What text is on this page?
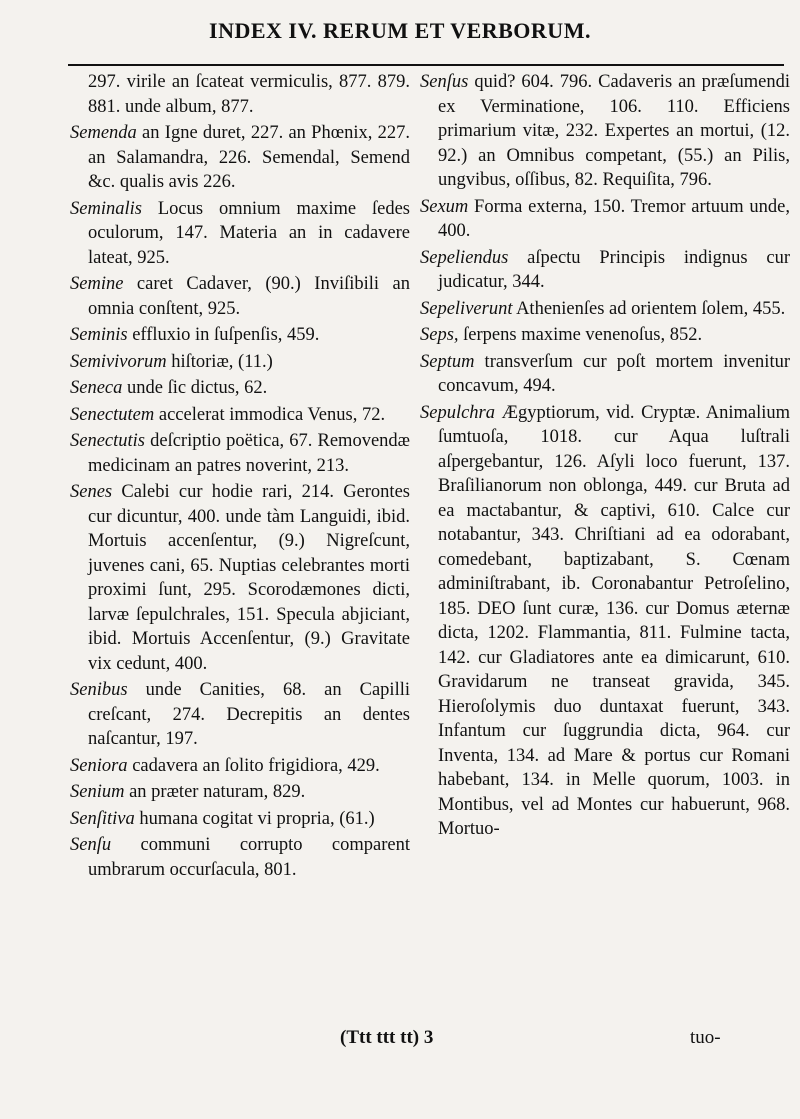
INDEX IV. RERUM ET VERBORUM.

297. virile an ſcateat vermiculis, 877. 879. 881. unde album, 877.

Semenda an Igne duret, 227. an Phœnix, 227. an Salamandra, 226. Semendal, Semend &c. qualis avis 226.

Seminalis Locus omnium maxime ſedes oculorum, 147. Materia an in cadavere lateat, 925.

Semine caret Cadaver, (90.) Inviſibili an omnia conſtent, 925.

Seminis effluxio in ſuſpenſis, 459.

Semivivorum hiſtoriæ, (11.)

Seneca unde ſic dictus, 62.

Senectutem accelerat immodica Venus, 72.

Senectutis deſcriptio poëtica, 67. Removendæ medicinam an patres noverint, 213.

Senes Calebi cur hodie rari, 214. Gerontes cur dicuntur, 400. unde tàm Languidi, ibid. Mortuis accenſentur, (9.) Nigreſcunt, juvenes cani, 65. Nuptias celebrantes morti proximi ſunt, 295. Scorodæmones dicti, larvæ ſepulchrales, 151. Specula abjiciant, ibid. Mortuis Accenſentur, (9.) Gravitate vix cedunt, 400.

Senibus unde Canities, 68. an Capilli creſcant, 274. Decrepitis an dentes naſcantur, 197.

Seniora cadavera an ſolito frigidiora, 429.

Senium an præter naturam, 829.

Senſitiva humana cogitat vi propria, (61.)

Senſu communi corrupto comparent umbrarum occurſacula, 801.

Senſus quid? 604. 796. Cadaveris an præſumendi ex Verminatione, 106. 110. Efficiens primarium vitæ, 232. Expertes an mortui, (12. 92.) an Omnibus competant, (55.) an Pilis, ungvibus, oſſibus, 82. Requiſita, 796.

Sexum Forma externa, 150. Tremor artuum unde, 400.

Sepeliendus aſpectu Principis indignus cur judicatur, 344.

Sepeliverunt Athenienſes ad orientem ſolem, 455.

Seps, ſerpens maxime venenoſus, 852.

Septum transverſum cur poſt mortem invenitur concavum, 494.

Sepulchra Ægyptiorum, vid. Cryptæ. Animalium ſumtuoſa, 1018. cur Aqua luſtrali aſpergebantur, 126. Aſyli loco fuerunt, 137. Braſilianorum non oblonga, 449. cur Bruta ad ea mactabantur, & captivi, 610. Calce cur notabantur, 343. Chriſtiani ad ea odorabant, comedebant, baptizabant, S. Cœnam adminiſtrabant, ib. Coronabantur Petroſelino, 185. DEO ſunt curæ, 136. cur Domus æternæ dicta, 1202. Flammantia, 811. Fulmine tacta, 142. cur Gladiatores ante ea dimicarunt, 610. Gravidarum ne transeat gravida, 345. Hieroſolymis duo duntaxat fuerunt, 343. Infantum cur ſuggrundia dicta, 964. cur Inventa, 134. ad Mare & portus cur Romani habebant, 134. in Melle quorum, 1003. in Montibus, vel ad Montes cur habuerunt, 968. Mortuo-

(Ttt ttt tt) 3	tuo-
